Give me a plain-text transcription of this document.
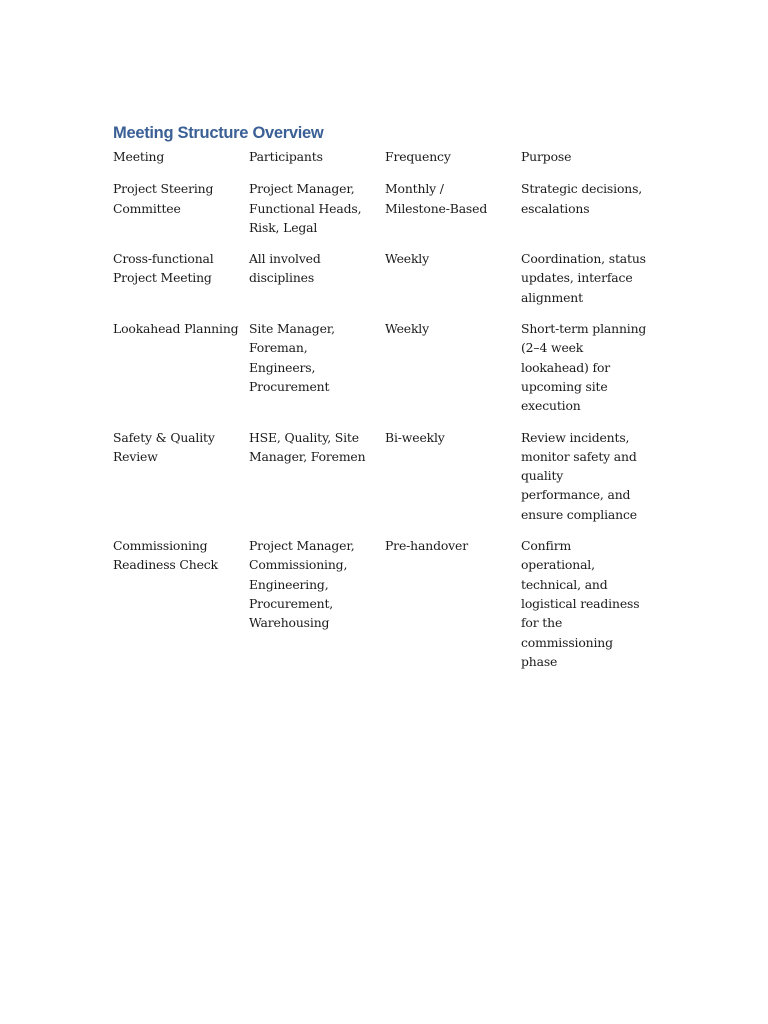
Meeting Structure Overview
Meeting	Participants	Frequency	Purpose
Project Steering Committee	Project Manager, Functional Heads, Risk, Legal	Monthly / Milestone-Based	Strategic decisions, escalations
Cross-functional Project Meeting	All involved disciplines	Weekly	Coordination, status updates, interface alignment
Lookahead Planning	Site Manager, Foreman, Engineers, Procurement	Weekly	Short-term planning (2–4 week lookahead) for upcoming site execution
Safety & Quality Review	HSE, Quality, Site Manager, Foremen	Bi-weekly	Review incidents, monitor safety and quality performance, and ensure compliance
Commissioning Readiness Check	Project Manager, Commissioning, Engineering, Procurement, Warehousing	Pre-handover	Confirm operational, technical, and logistical readiness for the commissioning phase
